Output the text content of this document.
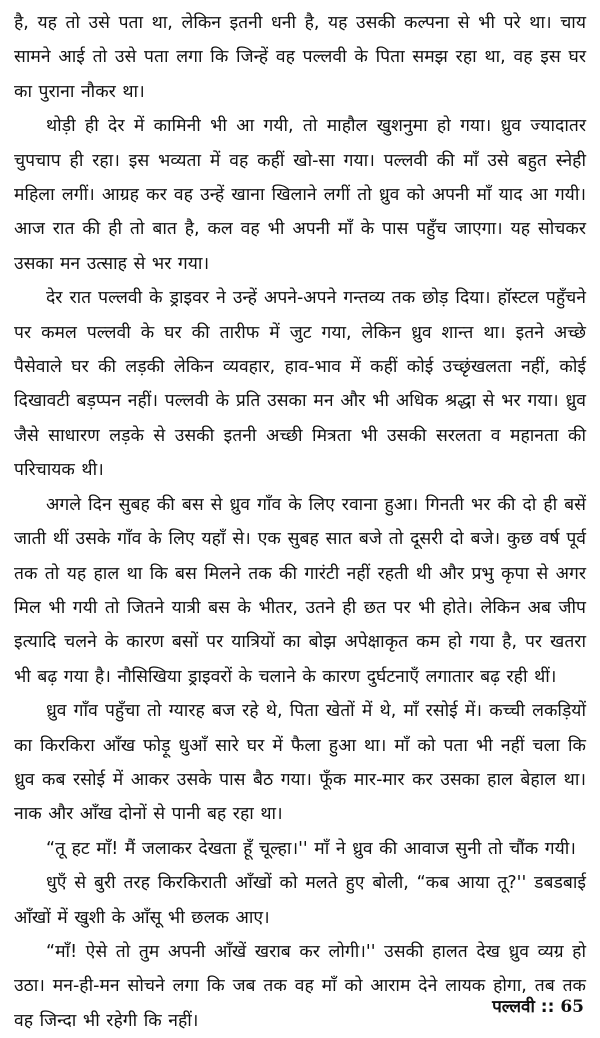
है, यह तो उसे पता था, लेकिन इतनी धनी है, यह उसकी कल्पना से भी परे था। चाय सामने आई तो उसे पता लगा कि जिन्हें वह पल्लवी के पिता समझ रहा था, वह इस घर का पुराना नौकर था।

थोड़ी ही देर में कामिनी भी आ गयी, तो माहौल खुशनुमा हो गया। ध्रुव ज्यादातर चुपचाप ही रहा। इस भव्यता में वह कहीं खो-सा गया। पल्लवी की माँ उसे बहुत स्नेही महिला लगीं। आग्रह कर वह उन्हें खाना खिलाने लगीं तो ध्रुव को अपनी माँ याद आ गयी। आज रात की ही तो बात है, कल वह भी अपनी माँ के पास पहुँच जाएगा। यह सोचकर उसका मन उत्साह से भर गया।

देर रात पल्लवी के ड्राइवर ने उन्हें अपने-अपने गन्तव्य तक छोड़ दिया। हॉस्टल पहुँचने पर कमल पल्लवी के घर की तारीफ में जुट गया, लेकिन ध्रुव शान्त था। इतने अच्छे पैसेवाले घर की लड़की लेकिन व्यवहार, हाव-भाव में कहीं कोई उच्छृंखलता नहीं, कोई दिखावटी बड़प्पन नहीं। पल्लवी के प्रति उसका मन और भी अधिक श्रद्धा से भर गया। ध्रुव जैसे साधारण लड़के से उसकी इतनी अच्छी मित्रता भी उसकी सरलता व महानता की परिचायक थी।

अगले दिन सुबह की बस से ध्रुव गाँव के लिए रवाना हुआ। गिनती भर की दो ही बसें जाती थीं उसके गाँव के लिए यहाँ से। एक सुबह सात बजे तो दूसरी दो बजे। कुछ वर्ष पूर्व तक तो यह हाल था कि बस मिलने तक की गारंटी नहीं रहती थी और प्रभु कृपा से अगर मिल भी गयी तो जितने यात्री बस के भीतर, उतने ही छत पर भी होते। लेकिन अब जीप इत्यादि चलने के कारण बसों पर यात्रियों का बोझ अपेक्षाकृत कम हो गया है, पर खतरा भी बढ़ गया है। नौसिखिया ड्राइवरों के चलाने के कारण दुर्घटनाएँ लगातार बढ़ रही थीं।

ध्रुव गाँव पहुँचा तो ग्यारह बज रहे थे, पिता खेतों में थे, माँ रसोई में। कच्ची लकड़ियों का किरकिरा आँख फोड़ू धुआँ सारे घर में फैला हुआ था। माँ को पता भी नहीं चला कि ध्रुव कब रसोई में आकर उसके पास बैठ गया। फूँक मार-मार कर उसका हाल बेहाल था। नाक और आँख दोनों से पानी बह रहा था।

“तू हट माँ! मैं जलाकर देखता हूँ चूल्हा।'' माँ ने ध्रुव की आवाज सुनी तो चौंक गयी।

धुएँ से बुरी तरह किरकिराती आँखों को मलते हुए बोली, “कब आया तू?'' डबडबाई आँखों में खुशी के आँसू भी छलक आए।

“माँ! ऐसे तो तुम अपनी आँखें खराब कर लोगी।'' उसकी हालत देख ध्रुव व्यग्र हो उठा। मन-ही-मन सोचने लगा कि जब तक वह माँ को आराम देने लायक होगा, तब तक वह जिन्दा भी रहेगी कि नहीं।

पल्लवी :: 65
